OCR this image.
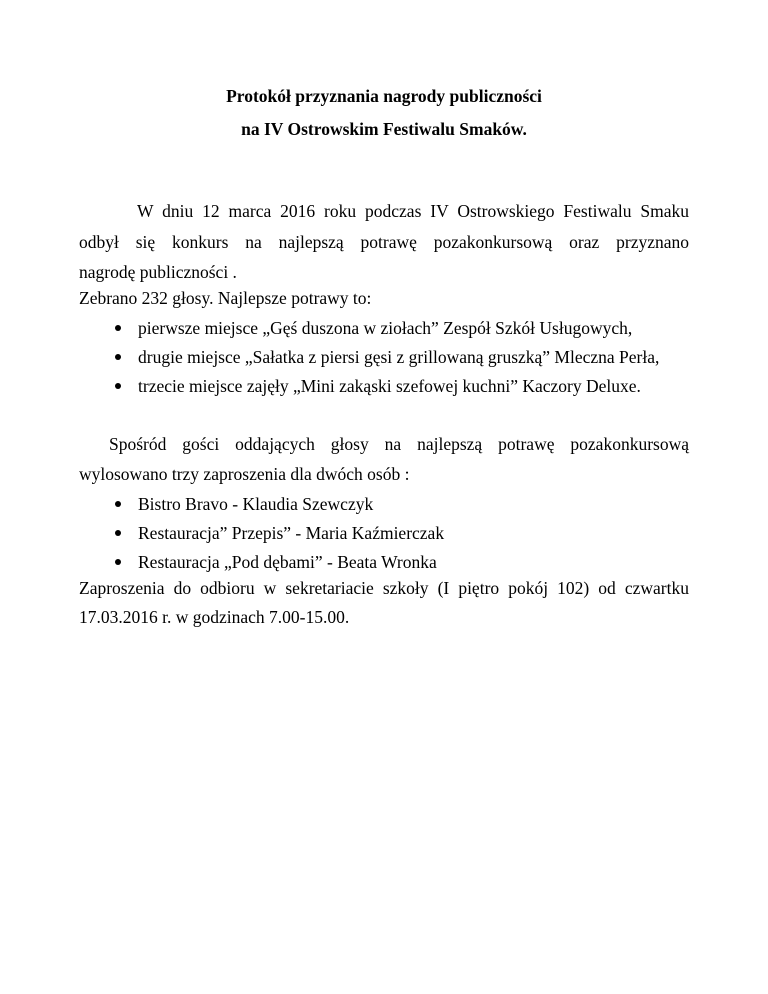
Protokół przyznania nagrody publiczności
na IV Ostrowskim Festiwalu Smaków.
W dniu 12 marca 2016 roku podczas IV Ostrowskiego Festiwalu Smaku
odbył się konkurs na najlepszą potrawę pozakonkursową oraz przyznano
nagrodę publiczności .
Zebrano 232 głosy. Najlepsze potrawy to:
pierwsze miejsce „Gęś duszona w ziołach” Zespół Szkół Usługowych,
drugie miejsce „Sałatka z piersi gęsi z grillowaną gruszką” Mleczna Perła,
trzecie miejsce zajęły „Mini zakąski szefowej kuchni” Kaczory Deluxe.
Spośród gości oddających głosy na najlepszą potrawę pozakonkursową
wylosowano trzy zaproszenia dla dwóch osób :
Bistro Bravo - Klaudia Szewczyk
Restauracja” Przepis” - Maria Kaźmierczak
Restauracja „Pod dębami” - Beata Wronka
Zaproszenia do odbioru w sekretariacie szkoły (I piętro pokój 102) od czwartku
17.03.2016 r. w godzinach 7.00-15.00.
